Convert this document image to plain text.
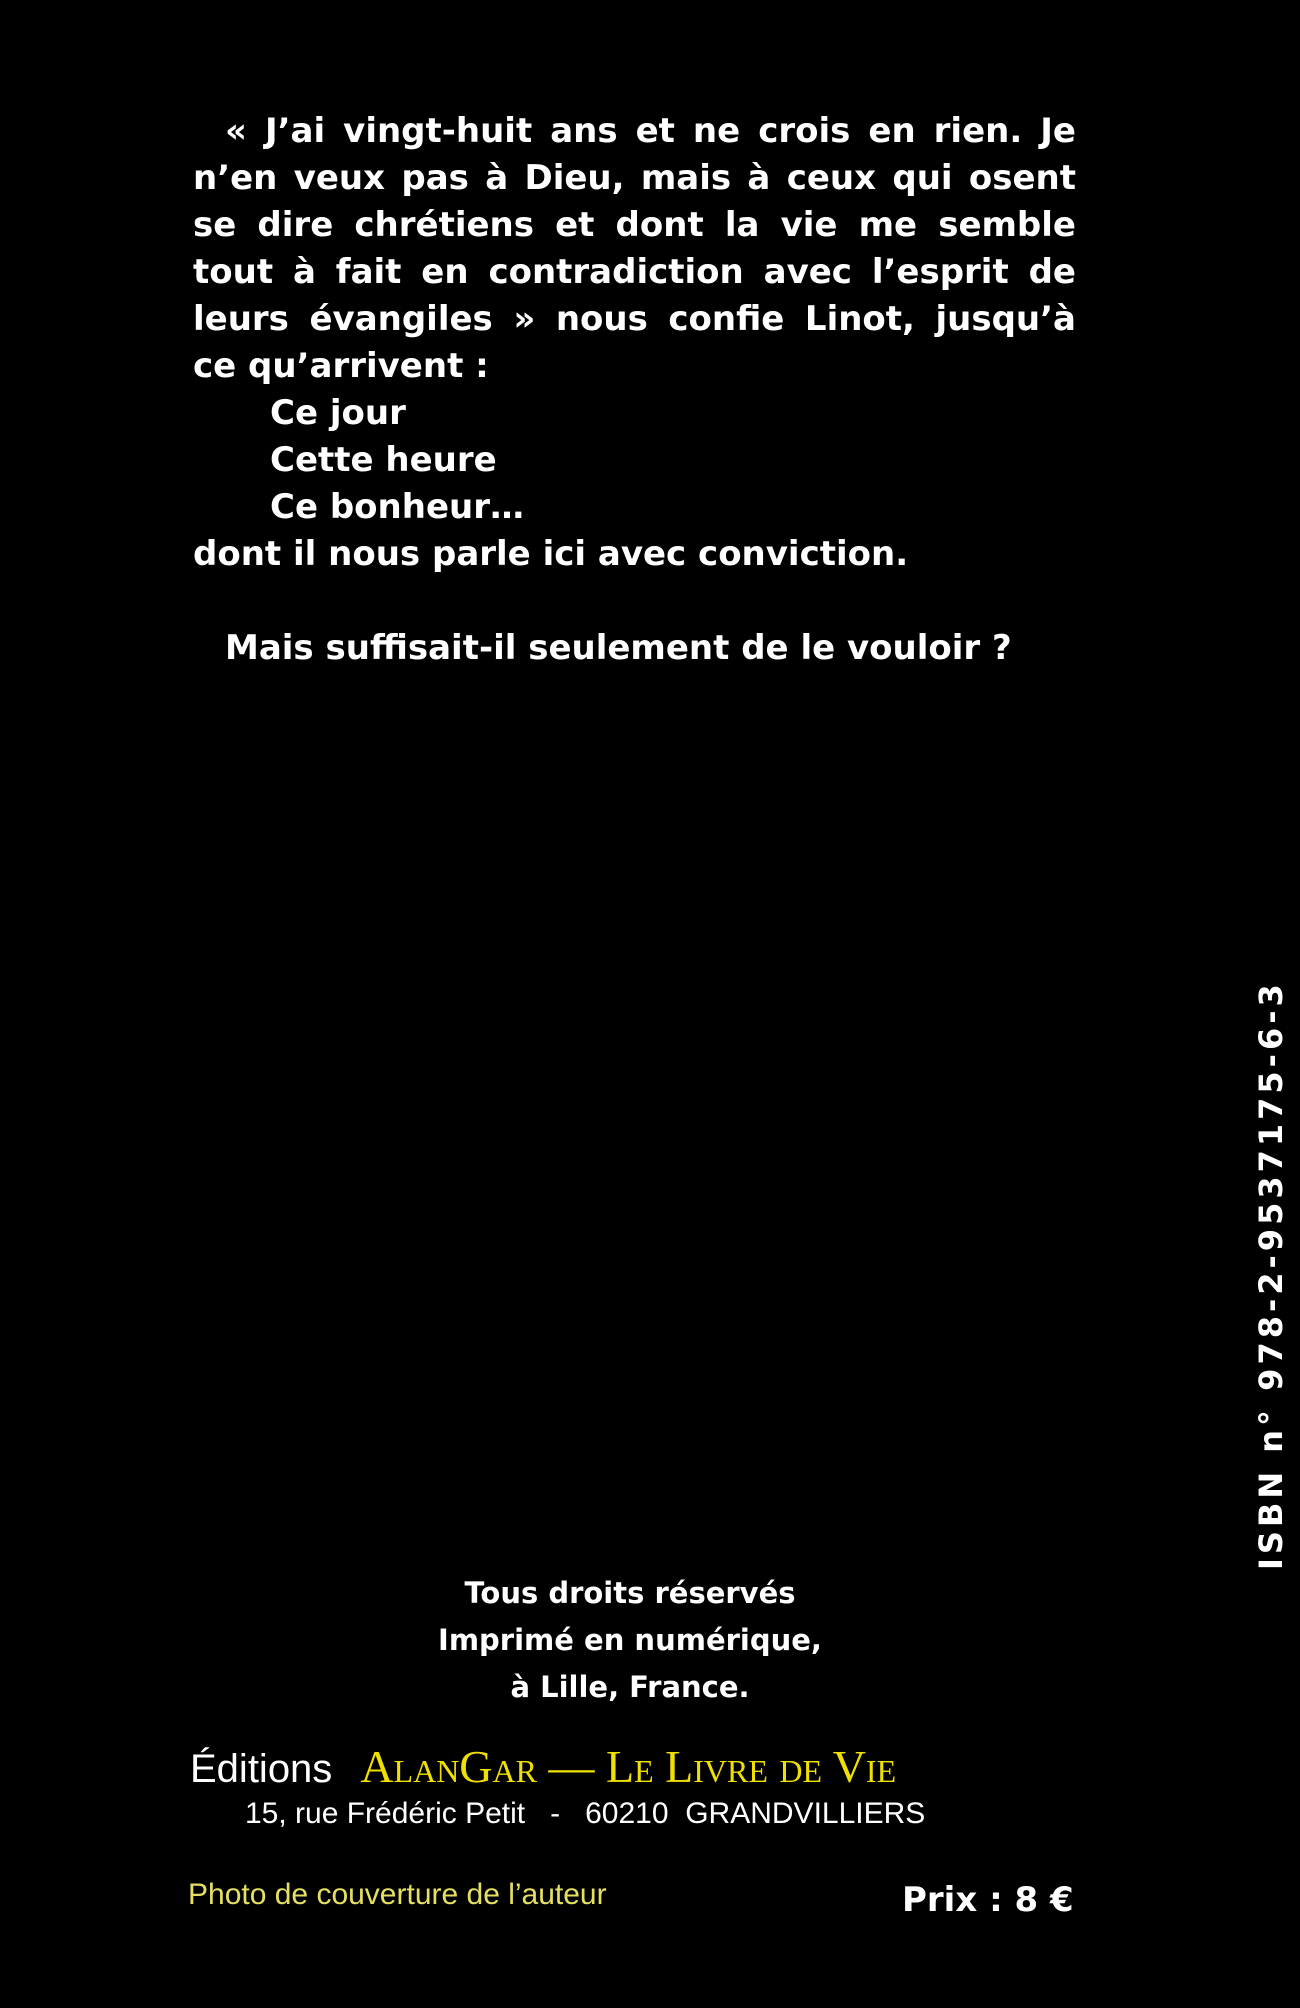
« J’ai vingt-huit ans et ne crois en rien. Je n’en veux pas à Dieu, mais à ceux qui osent se dire chrétiens et dont la vie me semble tout à fait en contradiction avec l’esprit de leurs évangiles » nous confie Linot, jusqu’à ce qu’arrivent :

Ce jour
Cette heure
Ce bonheur…
dont il nous parle ici avec conviction.
Mais suffisait-il seulement de le vouloir ?
Tous droits réservés
Imprimé en numérique,
à Lille, France.
Éditions AlanGar — Le Livre de Vie
15, rue Frédéric Petit   -   60210  GRANDVILLIERS
Photo de couverture de l’auteur	Prix : 8 €
ISBN n° 978-2-9537175-6-3
